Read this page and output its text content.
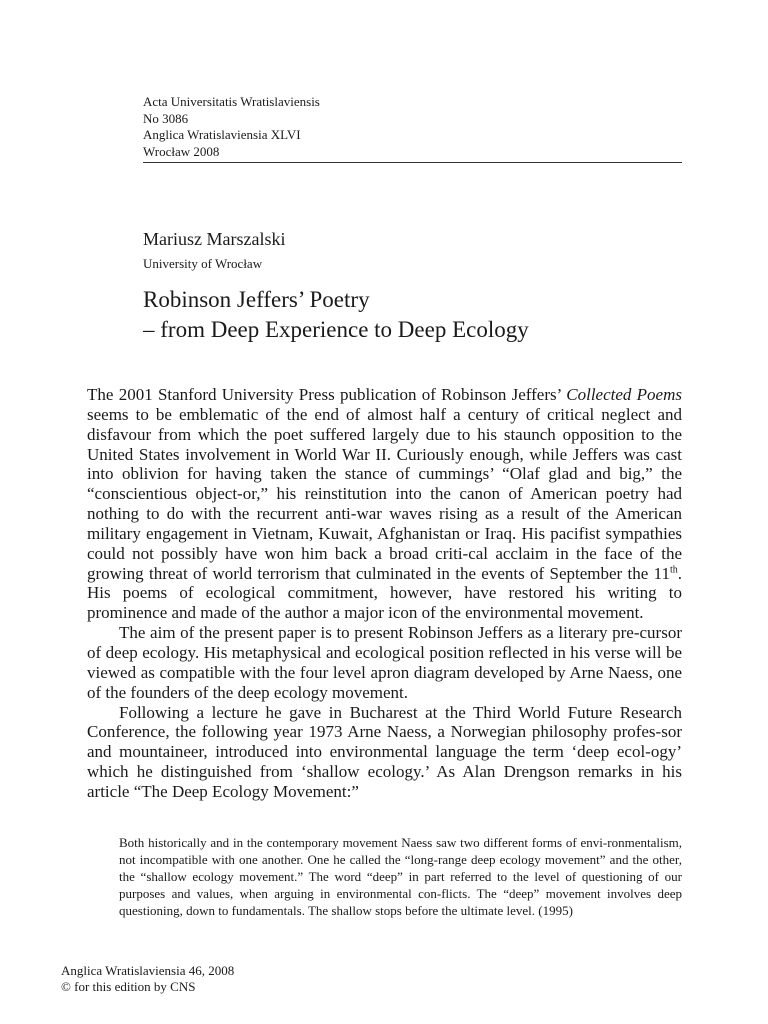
Acta Universitatis Wratislaviensis
No 3086
Anglica Wratislaviensia XLVI
Wrocław 2008
Mariusz Marszalski
University of Wrocław
Robinson Jeffers’ Poetry
– from Deep Experience to Deep Ecology

The 2001 Stanford University Press publication of Robinson Jeffers’ Collected Poems seems to be emblematic of the end of almost half a century of critical neglect and disfavour from which the poet suffered largely due to his staunch opposition to the United States involvement in World War II. Curiously enough, while Jeffers was cast into oblivion for having taken the stance of cummings’ “Olaf glad and big,” the “conscientious object-or,” his reinstitution into the canon of American poetry had nothing to do with the recurrent anti-war waves rising as a result of the American military engagement in Vietnam, Kuwait, Afghanistan or Iraq. His pacifist sympathies could not possibly have won him back a broad criti-cal acclaim in the face of the growing threat of world terrorism that culminated in the events of September the 11th. His poems of ecological commitment, however, have restored his writing to prominence and made of the author a major icon of the environmental movement.

The aim of the present paper is to present Robinson Jeffers as a literary pre-cursor of deep ecology. His metaphysical and ecological position reflected in his verse will be viewed as compatible with the four level apron diagram developed by Arne Naess, one of the founders of the deep ecology movement.

Following a lecture he gave in Bucharest at the Third World Future Research Conference, the following year 1973 Arne Naess, a Norwegian philosophy profes-sor and mountaineer, introduced into environmental language the term ‘deep ecol-ogy’ which he distinguished from ‘shallow ecology.’ As Alan Drengson remarks in his article “The Deep Ecology Movement:”

Both historically and in the contemporary movement Naess saw two different forms of envi-ronmentalism, not incompatible with one another. One he called the “long-range deep ecology movement” and the other, the “shallow ecology movement.” The word “deep” in part referred to the level of questioning of our purposes and values, when arguing in environmental con-flicts. The “deep” movement involves deep questioning, down to fundamentals. The shallow stops before the ultimate level. (1995)
Anglica Wratislaviensia 46, 2008
© for this edition by CNS
